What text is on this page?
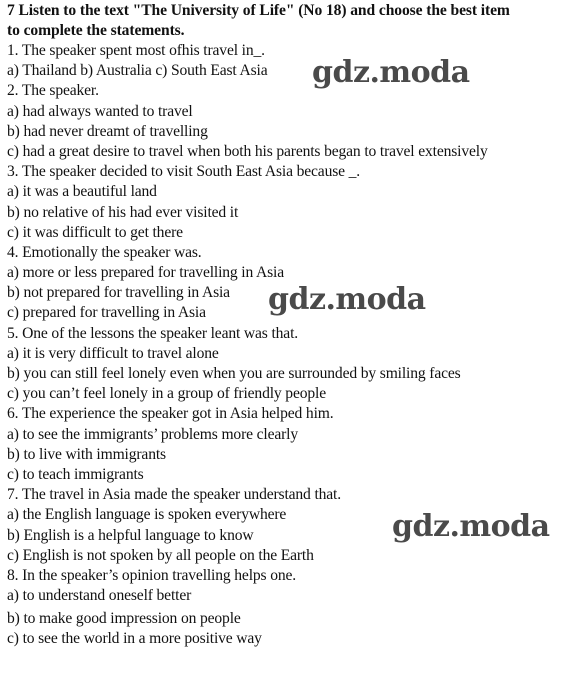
7 Listen to the text "The University of Life" (No 18) and choose the best item
to complete the statements.
1. The speaker spent most ofhis travel in_.
a) Thailand b) Australia c) South East Asia
2. The speaker.
a) had always wanted to travel
b) had never dreamt of travelling
c) had a great desire to travel when both his parents began to travel extensively
3. The speaker decided to visit South East Asia because _.
a) it was a beautiful land
b) no relative of his had ever visited it
c) it was difficult to get there
4. Emotionally the speaker was.
a) more or less prepared for travelling in Asia
b) not prepared for travelling in Asia
c) prepared for travelling in Asia
5. One of the lessons the speaker leant was that.
a) it is very difficult to travel alone
b) you can still feel lonely even when you are surrounded by smiling faces
c) you can’t feel lonely in a group of friendly people
6. The experience the speaker got in Asia helped him.
a) to see the immigrants’ problems more clearly
b) to live with immigrants
c) to teach immigrants
7. The travel in Asia made the speaker understand that.
a) the English language is spoken everywhere
b) English is a helpful language to know
c) English is not spoken by all people on the Earth
8. In the speaker’s opinion travelling helps one.
a) to understand oneself better
b) to make good impression on people
c) to see the world in a more positive way
gdz.moda
gdz.moda
gdz.moda
